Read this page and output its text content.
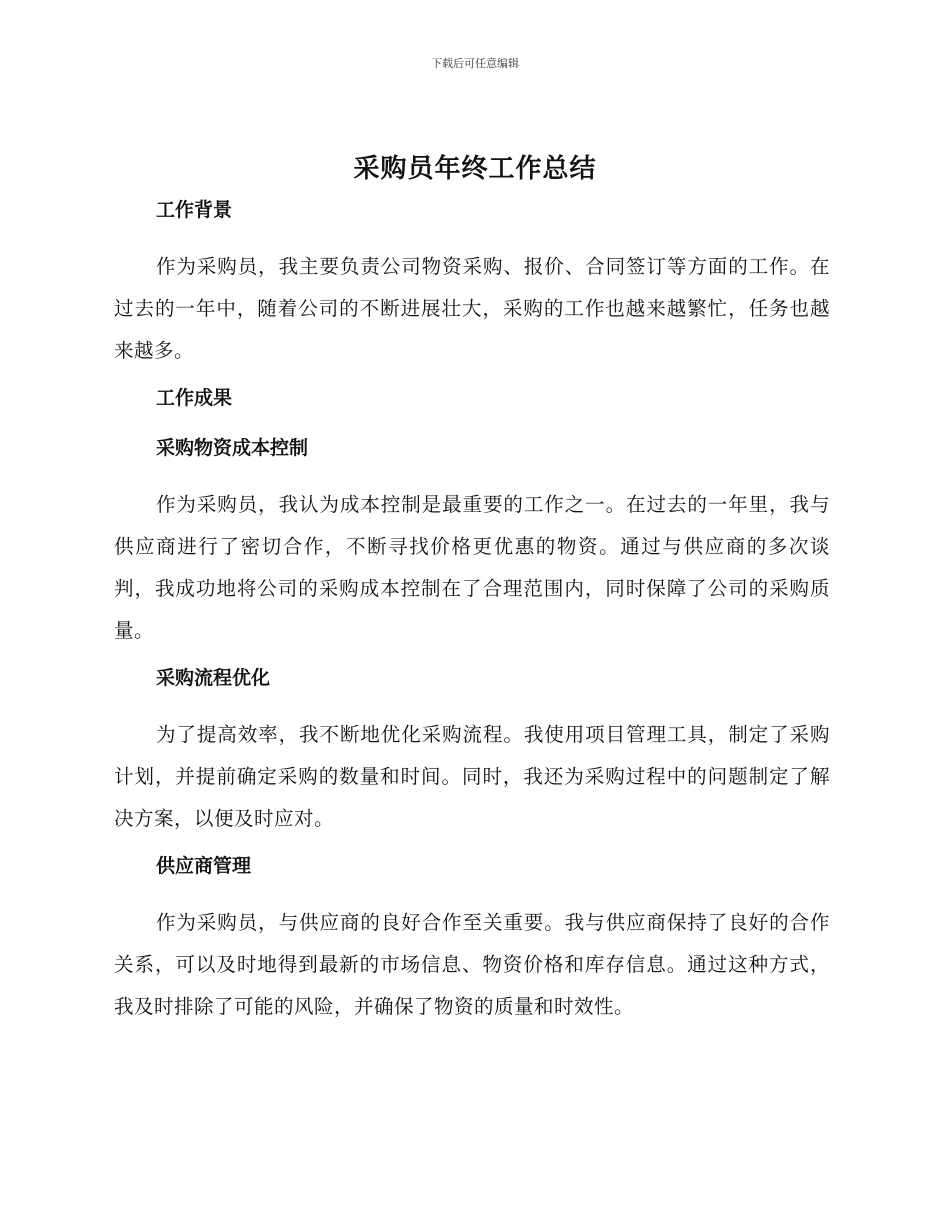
下载后可任意编辑
采购员年终工作总结
工作背景

作为采购员，我主要负责公司物资采购、报价、合同签订等方面的工作。在过去的一年中，随着公司的不断进展壮大，采购的工作也越来越繁忙，任务也越来越多。

工作成果
采购物资成本控制

作为采购员，我认为成本控制是最重要的工作之一。在过去的一年里，我与供应商进行了密切合作，不断寻找价格更优惠的物资。通过与供应商的多次谈判，我成功地将公司的采购成本控制在了合理范围内，同时保障了公司的采购质量。

采购流程优化

为了提高效率，我不断地优化采购流程。我使用项目管理工具，制定了采购计划，并提前确定采购的数量和时间。同时，我还为采购过程中的问题制定了解决方案，以便及时应对。

供应商管理

作为采购员，与供应商的良好合作至关重要。我与供应商保持了良好的合作关系，可以及时地得到最新的市场信息、物资价格和库存信息。通过这种方式，我及时排除了可能的风险，并确保了物资的质量和时效性。
